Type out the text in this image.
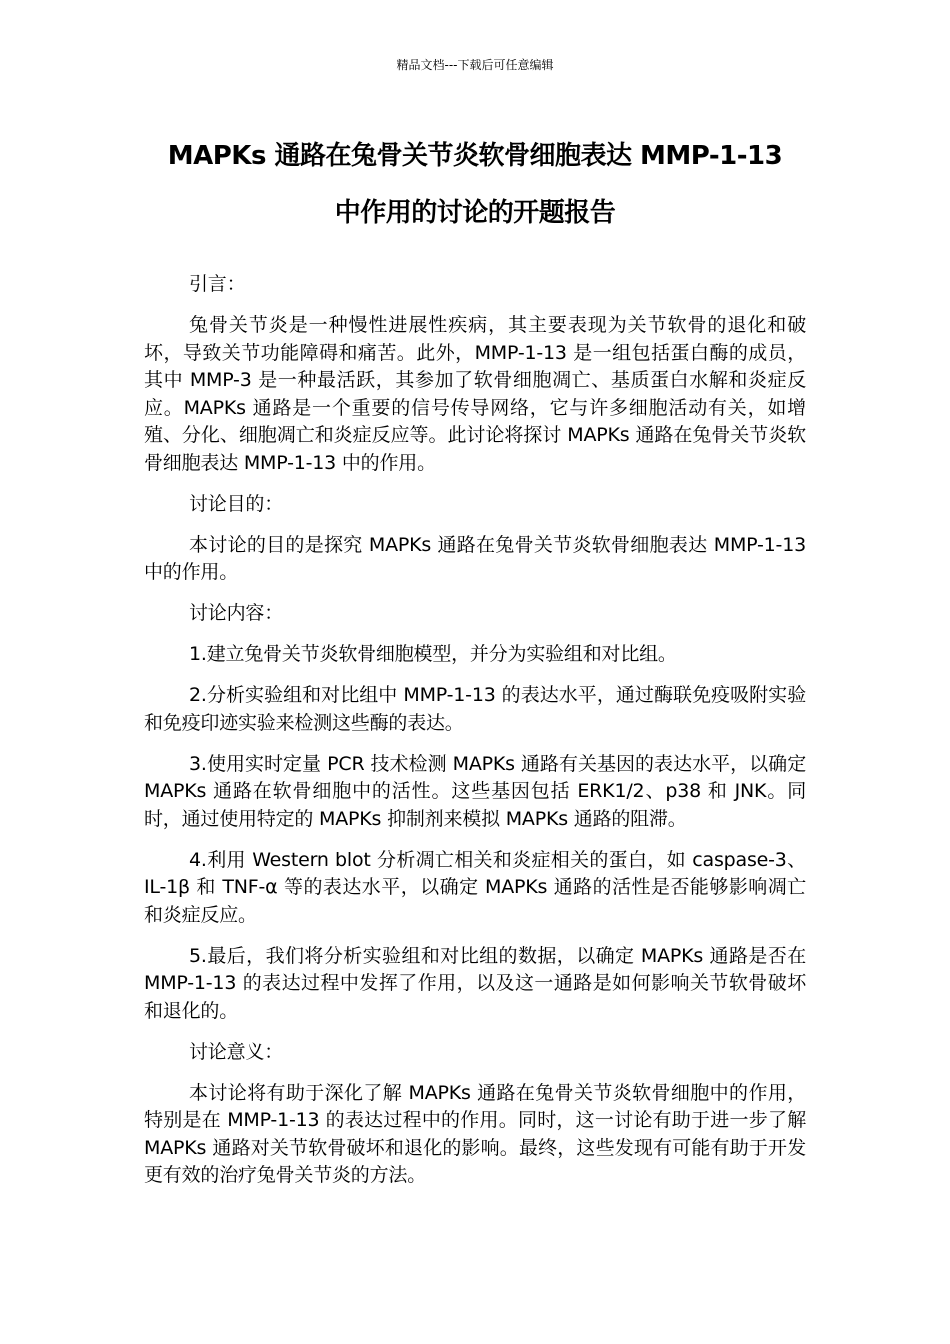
精品文档---下载后可任意编辑
MAPKs 通路在兔骨关节炎软骨细胞表达 MMP-1-13
中作用的讨论的开题报告

引言：

兔骨关节炎是一种慢性进展性疾病，其主要表现为关节软骨的退化和破坏，导致关节功能障碍和痛苦。此外，MMP-1-13 是一组包括蛋白酶的成员，其中 MMP-3 是一种最活跃，其参加了软骨细胞凋亡、基质蛋白水解和炎症反应。MAPKs 通路是一个重要的信号传导网络，它与许多细胞活动有关，如增殖、分化、细胞凋亡和炎症反应等。此讨论将探讨 MAPKs 通路在兔骨关节炎软骨细胞表达 MMP-1-13 中的作用。

讨论目的：

本讨论的目的是探究 MAPKs 通路在兔骨关节炎软骨细胞表达 MMP-1-13 中的作用。

讨论内容：

1.建立兔骨关节炎软骨细胞模型，并分为实验组和对比组。

2.分析实验组和对比组中 MMP-1-13 的表达水平，通过酶联免疫吸附实验和免疫印迹实验来检测这些酶的表达。

3.使用实时定量 PCR 技术检测 MAPKs 通路有关基因的表达水平，以确定 MAPKs 通路在软骨细胞中的活性。这些基因包括 ERK1/2、p38 和 JNK。同时，通过使用特定的 MAPKs 抑制剂来模拟 MAPKs 通路的阻滞。

4.利用 Western blot 分析凋亡相关和炎症相关的蛋白，如 caspase-3、IL-1β 和 TNF-α 等的表达水平，以确定 MAPKs 通路的活性是否能够影响凋亡和炎症反应。

5.最后，我们将分析实验组和对比组的数据，以确定 MAPKs 通路是否在 MMP-1-13 的表达过程中发挥了作用，以及这一通路是如何影响关节软骨破坏和退化的。

讨论意义：

本讨论将有助于深化了解 MAPKs 通路在兔骨关节炎软骨细胞中的作用，特别是在 MMP-1-13 的表达过程中的作用。同时，这一讨论有助于进一步了解 MAPKs 通路对关节软骨破坏和退化的影响。最终，这些发现有可能有助于开发更有效的治疗兔骨关节炎的方法。
